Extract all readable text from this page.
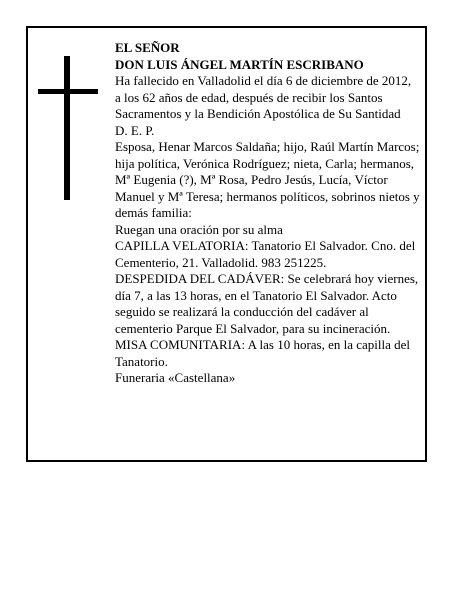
EL SEÑOR

DON LUIS ÁNGEL MARTÍN ESCRIBANO

Ha fallecido en Valladolid el día 6 de diciembre de 2012, a los 62 años de edad, después de recibir los Santos Sacramentos y la Bendición Apostólica de Su Santidad

D. E. P.

Esposa, Henar Marcos Saldaña; hijo, Raúl Martín Marcos; hija política, Verónica Rodríguez; nieta, Carla; hermanos, Mª Eugenia (?), Mª Rosa, Pedro Jesús, Lucía, Víctor Manuel y Mª Teresa; hermanos políticos, sobrinos nietos y demás familia:

Ruegan una oración por su alma

CAPILLA VELATORIA: Tanatorio El Salvador. Cno. del Cementerio, 21. Valladolid. 983 251225.

DESPEDIDA DEL CADÁVER: Se celebrará hoy viernes, día 7, a las 13 horas, en el Tanatorio El Salvador. Acto seguido se realizará la conducción del cadáver al cementerio Parque El Salvador, para su incineración. MISA COMUNITARIA: A las 10 horas, en la capilla del Tanatorio.

Funeraria «Castellana»
